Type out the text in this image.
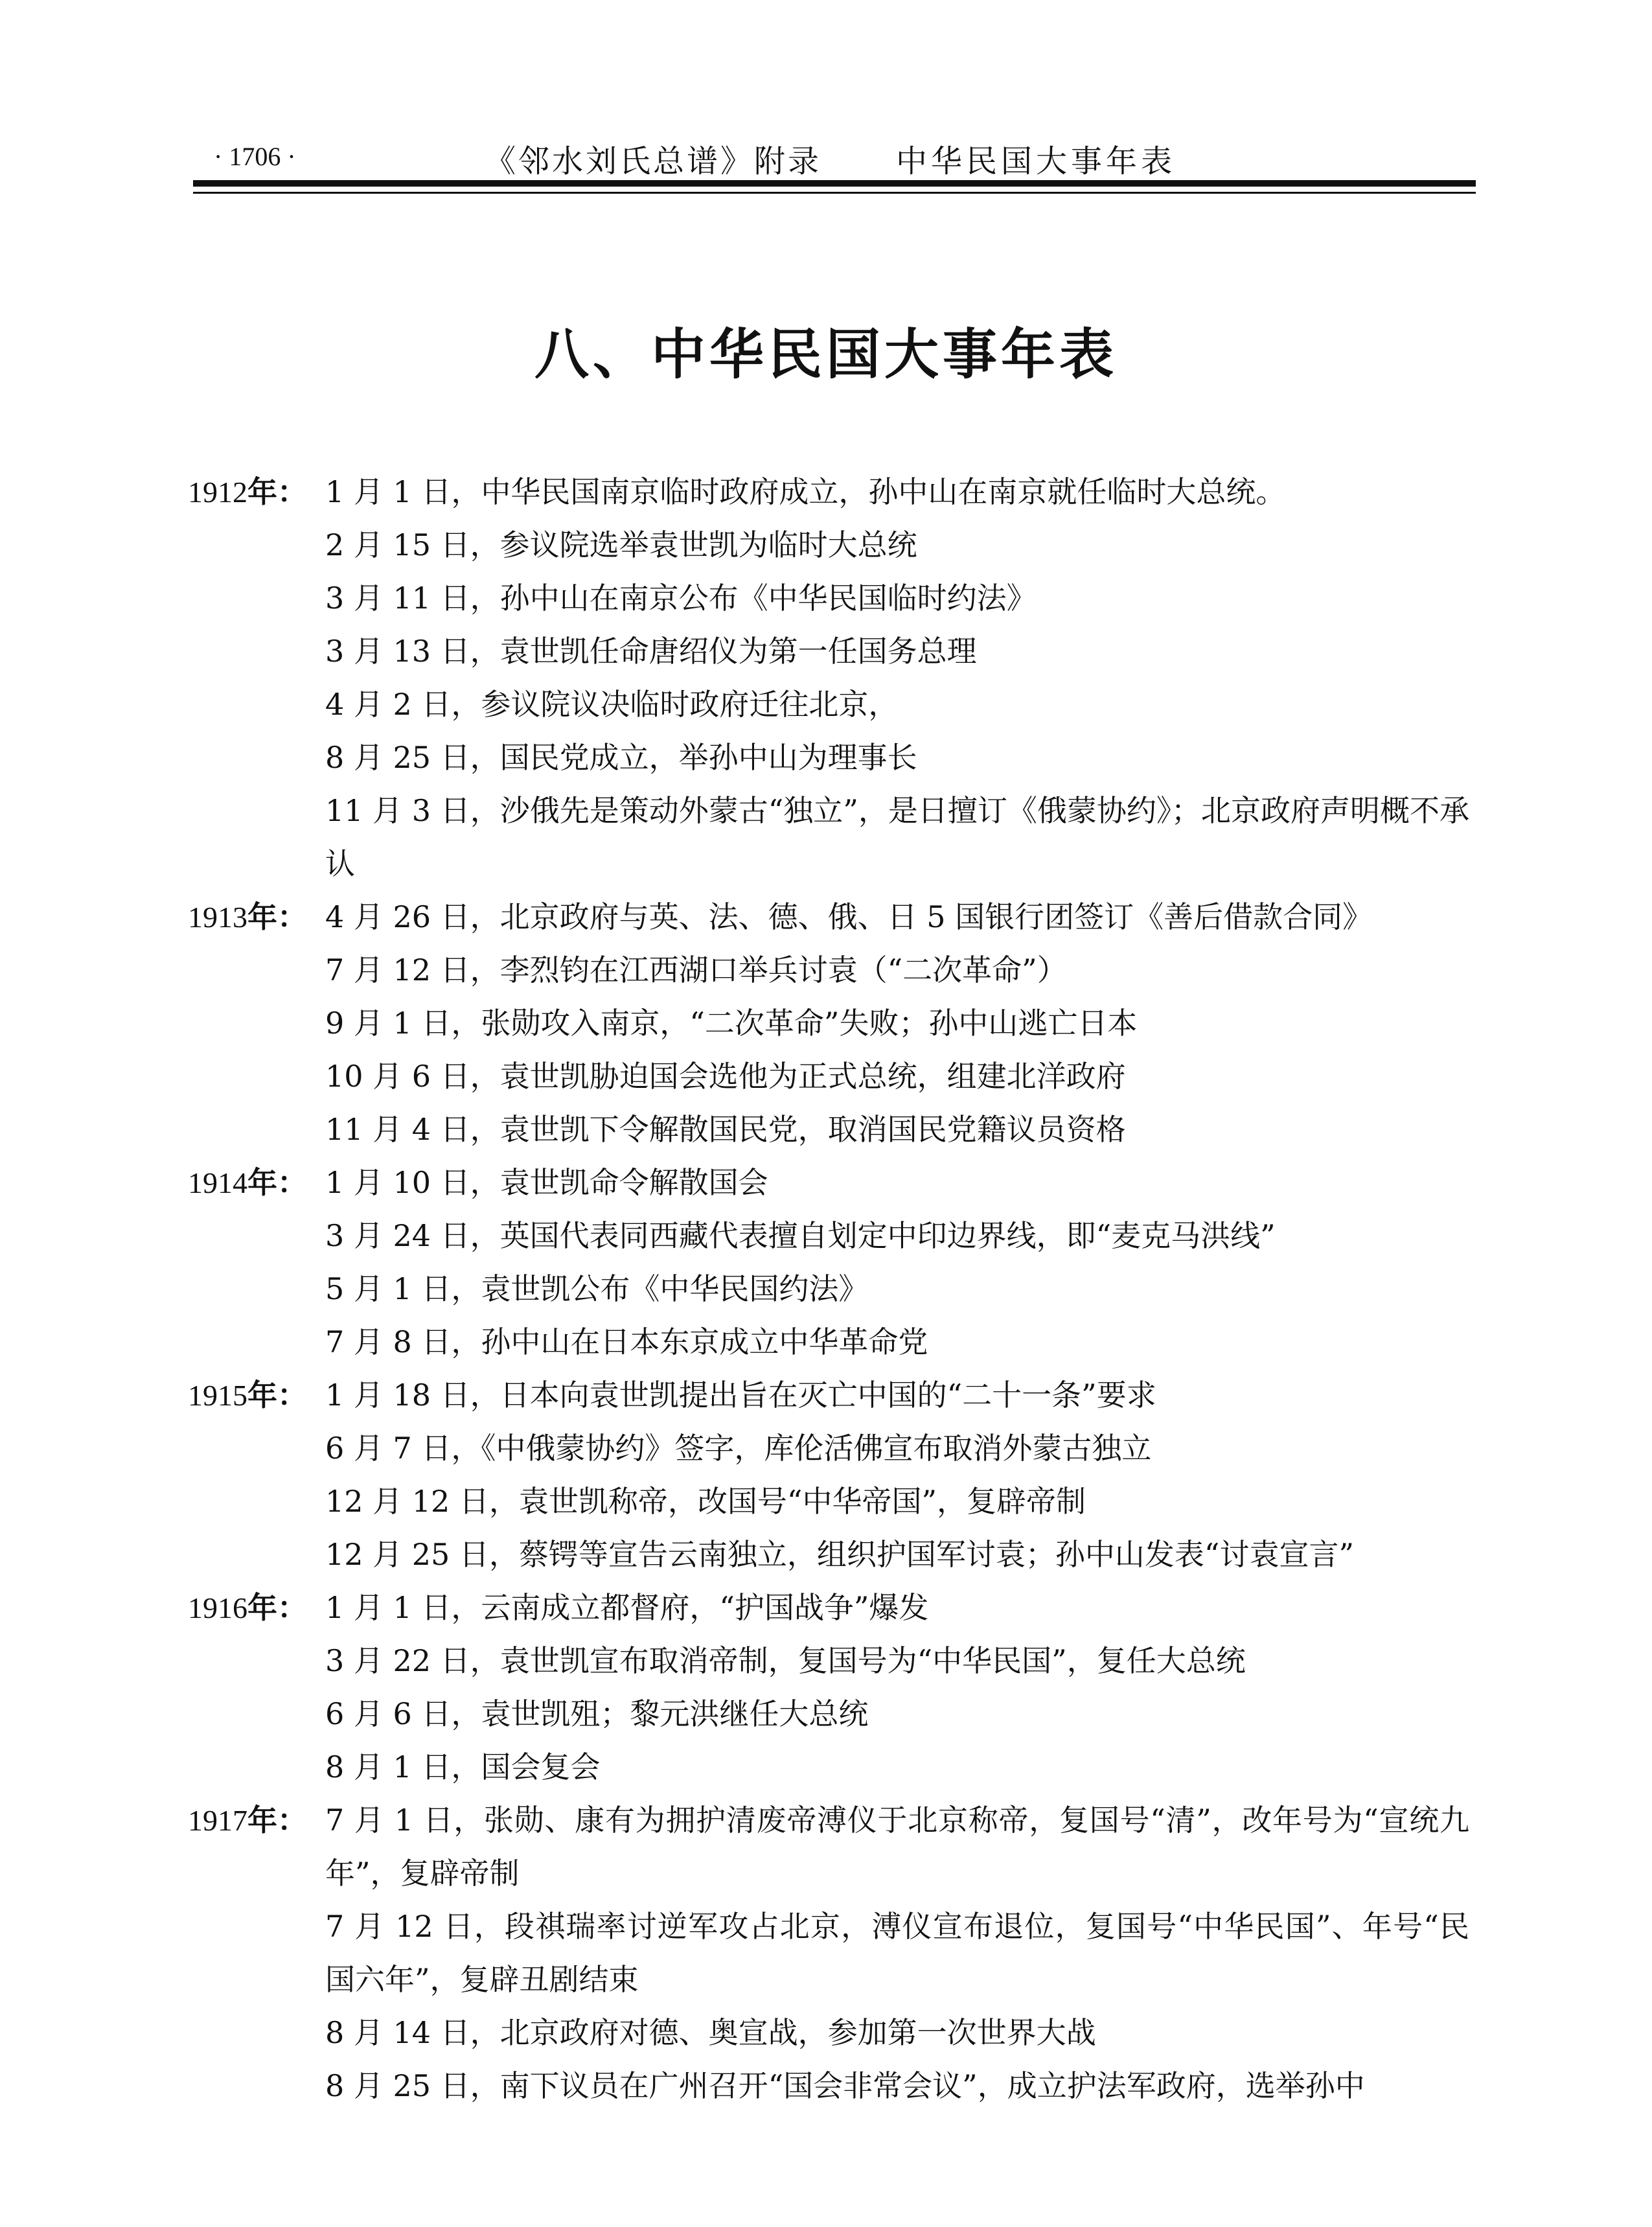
· 1706 ·	《邻水刘氏总谱》附录 中华民国大事年表
八、中华民国大事年表
1912年： 1 月 1 日，中华民国南京临时政府成立，孙中山在南京就任临时大总统。
2 月 15 日，参议院选举袁世凯为临时大总统
3 月 11 日，孙中山在南京公布《中华民国临时约法》
3 月 13 日，袁世凯任命唐绍仪为第一任国务总理
4 月 2 日，参议院议决临时政府迁往北京，
8 月 25 日，国民党成立，举孙中山为理事长
11 月 3 日，沙俄先是策动外蒙古“独立”，是日擅订《俄蒙协约》；北京政府声明概不承认
1913年： 4 月 26 日，北京政府与英、法、德、俄、日 5 国银行团签订《善后借款合同》
7 月 12 日，李烈钧在江西湖口举兵讨袁（“二次革命”）
9 月 1 日，张勋攻入南京，“二次革命”失败；孙中山逃亡日本
10 月 6 日，袁世凯胁迫国会选他为正式总统，组建北洋政府
11 月 4 日，袁世凯下令解散国民党，取消国民党籍议员资格
1914年： 1 月 10 日，袁世凯命令解散国会
3 月 24 日，英国代表同西藏代表擅自划定中印边界线，即“麦克马洪线”
5 月 1 日，袁世凯公布《中华民国约法》
7 月 8 日，孙中山在日本东京成立中华革命党
1915年： 1 月 18 日，日本向袁世凯提出旨在灭亡中国的“二十一条”要求
6 月 7 日，《中俄蒙协约》签字，库伦活佛宣布取消外蒙古独立
12 月 12 日，袁世凯称帝，改国号“中华帝国”，复辟帝制
12 月 25 日，蔡锷等宣告云南独立，组织护国军讨袁；孙中山发表“讨袁宣言”
1916年： 1 月 1 日，云南成立都督府，“护国战争”爆发
3 月 22 日，袁世凯宣布取消帝制，复国号为“中华民国”，复任大总统
6 月 6 日，袁世凯殂；黎元洪继任大总统
8 月 1 日，国会复会
1917年： 7 月 1 日，张勋、康有为拥护清废帝溥仪于北京称帝，复国号“清”，改年号为“宣统九年”，复辟帝制
7 月 12 日，段祺瑞率讨逆军攻占北京，溥仪宣布退位，复国号“中华民国”、年号“民国六年”，复辟丑剧结束
8 月 14 日，北京政府对德、奥宣战，参加第一次世界大战
8 月 25 日，南下议员在广州召开“国会非常会议”，成立护法军政府，选举孙中
